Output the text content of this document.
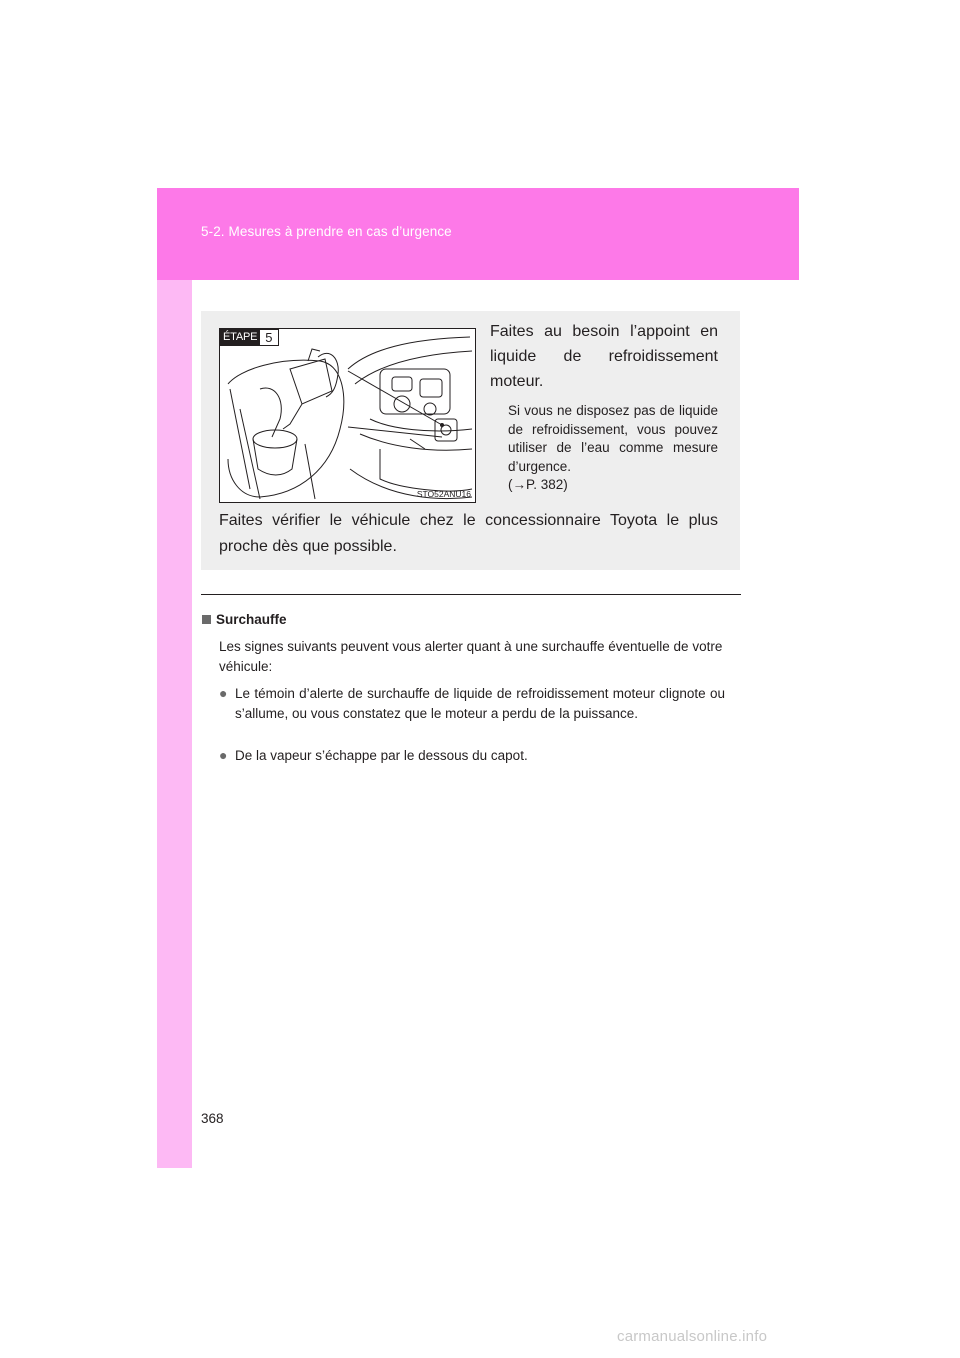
5-2. Mesures à prendre en cas d’urgence
ÉTAPE 5
STO52ANU16
Faites au besoin l’appoint en liquide de refroidissement moteur.
Si vous ne disposez pas de liquide de refroidissement, vous pouvez utiliser de l’eau comme mesure d’urgence.
(→P. 382)
Faites vérifier le véhicule chez le concessionnaire Toyota le plus proche dès que possible.
Surchauffe
Les signes suivants peuvent vous alerter quant à une surchauffe éventuelle de votre véhicule:
● Le témoin d’alerte de surchauffe de liquide de refroidissement moteur clignote ou s’allume, ou vous constatez que le moteur a perdu de la puissance.
● De la vapeur s’échappe par le dessous du capot.
368
carmanualsonline.info
